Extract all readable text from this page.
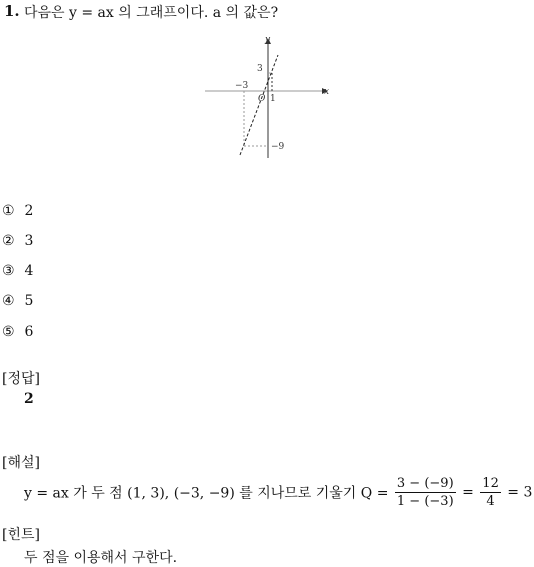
1. 다음은 y = ax 의 그래프이다. a 의 값은?
y
x
3
−3
O 1
−9
① 2
② 3
③ 4
④ 5
⑤ 6
[정답]
2
[해설]
y = ax 가 두 점 (1, 3), (−3, −9) 를 지나므로 기울기 $Q = \frac{3 - (-9)}{1 - (-3)} = \frac{12}{4} = 3$
[힌트]
두 점을 이용해서 구한다.
